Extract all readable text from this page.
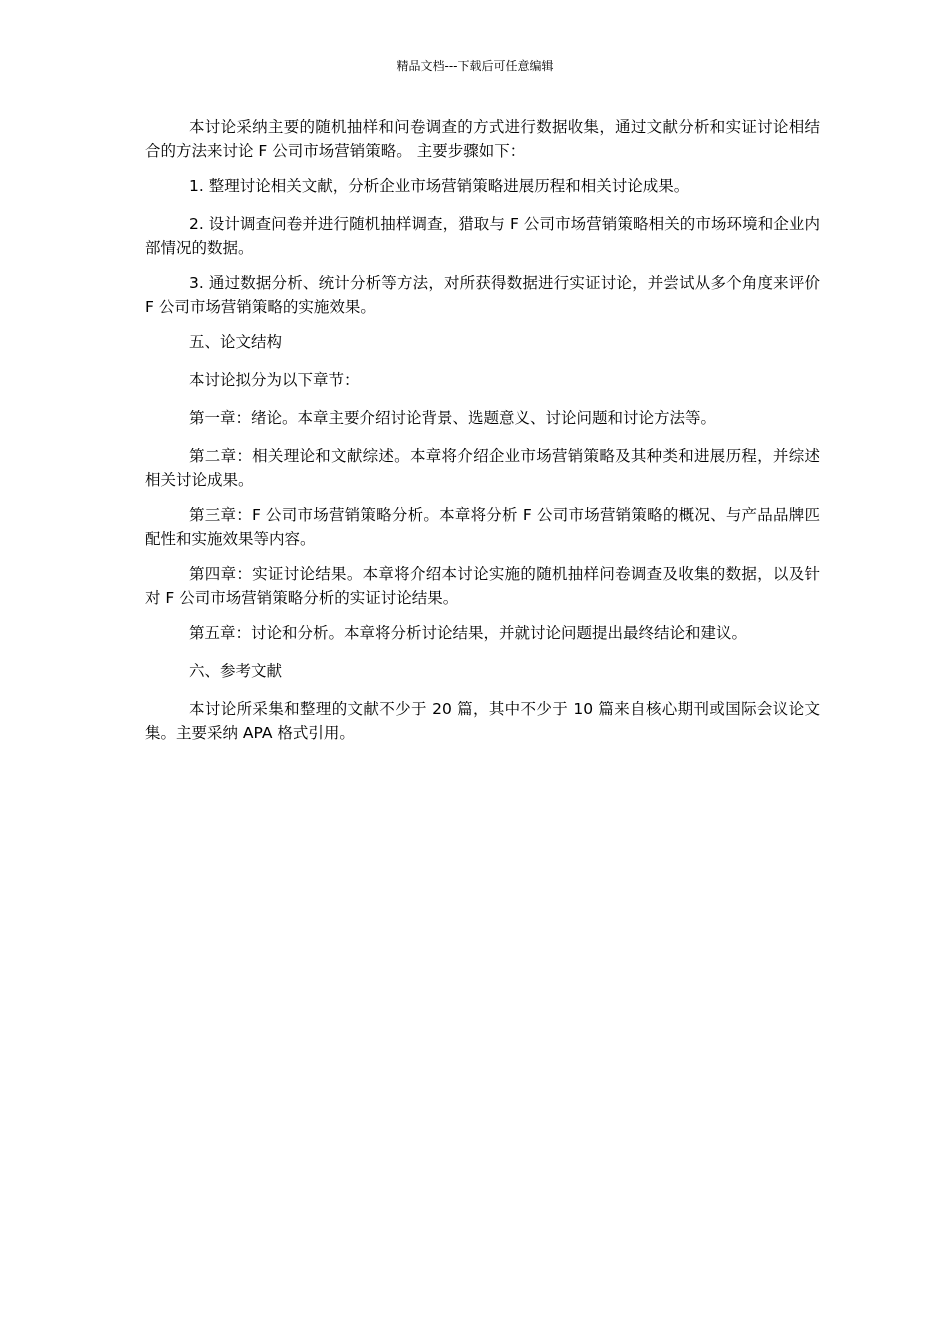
精品文档---下载后可任意编辑

本讨论采纳主要的随机抽样和问卷调查的方式进行数据收集，通过文献分析和实证讨论相结合的方法来讨论 F 公司市场营销策略。 主要步骤如下：

1. 整理讨论相关文献，分析企业市场营销策略进展历程和相关讨论成果。

2. 设计调查问卷并进行随机抽样调查，猎取与 F 公司市场营销策略相关的市场环境和企业内部情况的数据。

3. 通过数据分析、统计分析等方法，对所获得数据进行实证讨论，并尝试从多个角度来评价 F 公司市场营销策略的实施效果。

五、论文结构

本讨论拟分为以下章节：

第一章：绪论。本章主要介绍讨论背景、选题意义、讨论问题和讨论方法等。

第二章：相关理论和文献综述。本章将介绍企业市场营销策略及其种类和进展历程，并综述相关讨论成果。

第三章：F 公司市场营销策略分析。本章将分析 F 公司市场营销策略的概况、与产品品牌匹配性和实施效果等内容。

第四章：实证讨论结果。本章将介绍本讨论实施的随机抽样问卷调查及收集的数据，以及针对 F 公司市场营销策略分析的实证讨论结果。

第五章：讨论和分析。本章将分析讨论结果，并就讨论问题提出最终结论和建议。

六、参考文献

本讨论所采集和整理的文献不少于 20 篇，其中不少于 10 篇来自核心期刊或国际会议论文集。主要采纳 APA 格式引用。
